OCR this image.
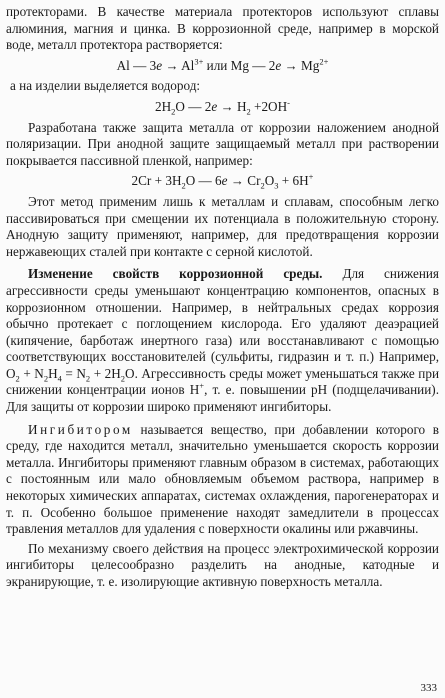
протекторами. В качестве материала протекторов используют сплавы алюминия, магния и цинка. В коррозионной среде, например в морской воде, металл протектора растворяется:

Al — $3e \to Al^{3+}$ или Mg — $2e \to Mg^{2+}$

а на изделии выделяется водород:

$2H_2O$ — $2e \to H_2 +2OH^-$

Разработана также защита металла от коррозии наложением анодной поляризации. При анодной защите защищаемый металл при растворении покрывается пассивной пленкой, например:

$2Cr + 3H_2O$ — $6e \to Cr_2O_3 + 6H^+$

Этот метод применим лишь к металлам и сплавам, способным легко пассивироваться при смещении их потенциала в положительную сторону. Анодную защиту применяют, например, для предотвращения коррозии нержавеющих сталей при контакте с серной кислотой.

Изменение свойств коррозионной среды. Для снижения агрессивности среды уменьшают концентрацию компонентов, опасных в коррозионном отношении. Например, в нейтральных средах коррозия обычно протекает с поглощением кислорода. Его удаляют деаэрацией (кипячение, барботаж инертного газа) или восстанавливают с помощью соответствующих восстановителей (сульфиты, гидразин и т. п.) Например, $O_2 + N_2H_4 = N_2 + 2H_2O$. Агрессивность среды может уменьшаться также при снижении концентрации ионов H+, т. е. повышении pH (подщелачивании). Для защиты от коррозии широко применяют ингибиторы.

Ингибитором называется вещество, при добавлении которого в среду, где находится металл, значительно уменьшается скорость коррозии металла. Ингибиторы применяют главным образом в системах, работающих с постоянным или мало обновляемым объемом раствора, например в некоторых химических аппаратах, системах охлаждения, парогенераторах и т. п. Особенно большое применение находят замедлители в процессах травления металлов для удаления с поверхности окалины или ржавчины.

По механизму своего действия на процесс электрохимической коррозии ингибиторы целесообразно разделить на анодные, катодные и экранирующие, т. е. изолирующие активную поверхность металла.

333
